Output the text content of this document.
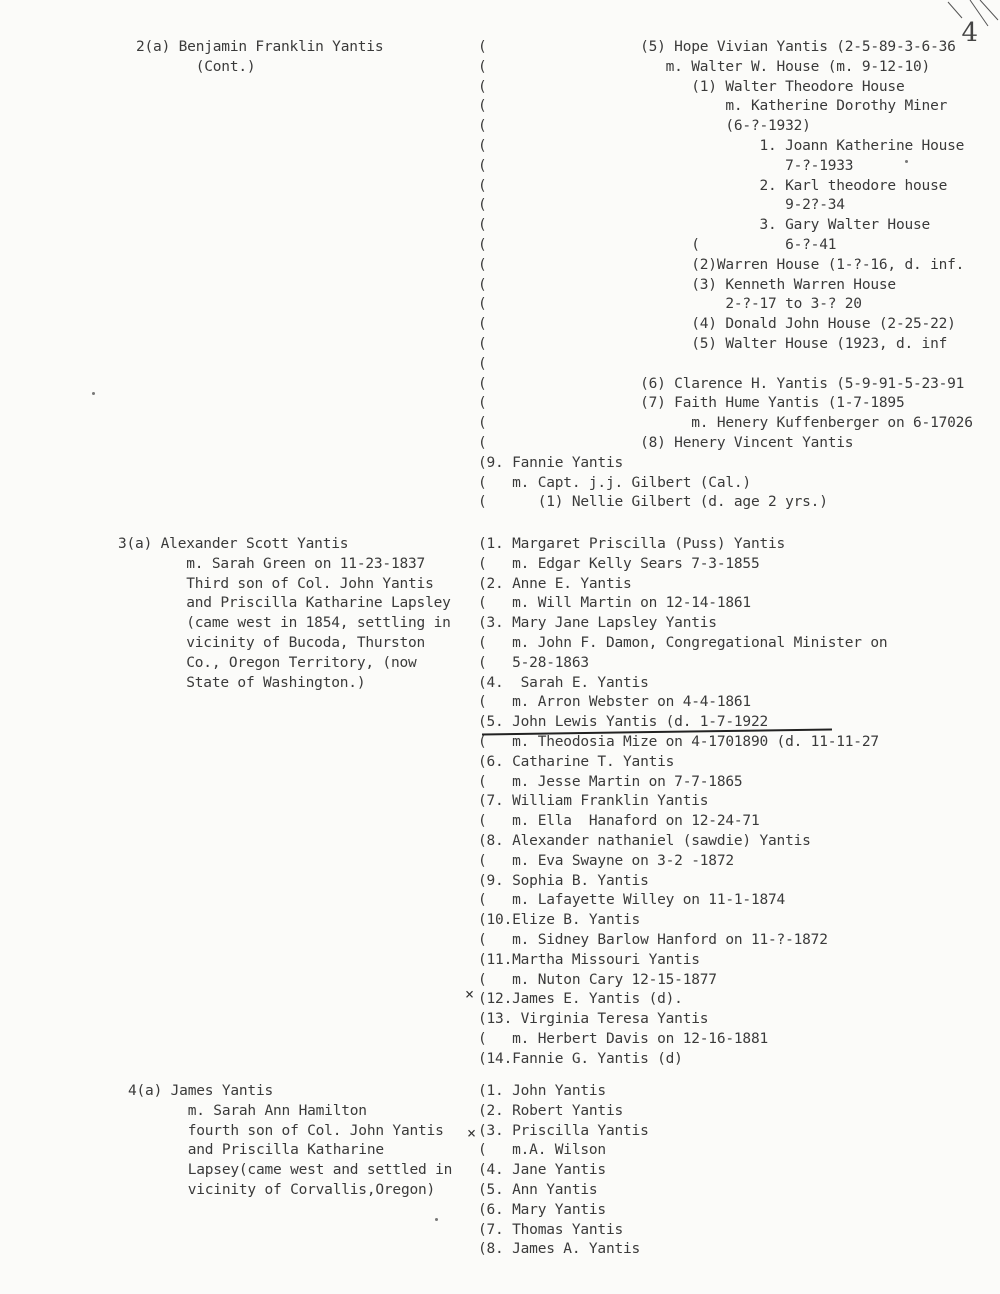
4
2(a) Benjamin Franklin Yantis
(Cont.)
(                  (5) Hope Vivian Yantis (2-5-89-3-6-36
(                     m. Walter W. House (m. 9-12-10)
(                        (1) Walter Theodore House
(                            m. Katherine Dorothy Miner
(                            (6-?-1932)
(                                1. Joann Katherine House
(                                   7-?-1933
(                                2. Karl theodore house
(                                   9-2?-34
(                                3. Gary Walter House
(                        (          6-?-41
(                        (2)Warren House (1-?-16, d. inf.
(                        (3) Kenneth Warren House
(                            2-?-17 to 3-? 20
(                        (4) Donald John House (2-25-22)
(                        (5) Walter House (1923, d. inf
(
(                  (6) Clarence H. Yantis (5-9-91-5-23-91
(                  (7) Faith Hume Yantis (1-7-1895
(                        m. Henery Kuffenberger on 6-17026
(                  (8) Henery Vincent Yantis
(9. Fannie Yantis
(   m. Capt. j.j. Gilbert (Cal.)
(      (1) Nellie Gilbert (d. age 2 yrs.)
3(a) Alexander Scott Yantis
m. Sarah Green on 11-23-1837
Third son of Col. John Yantis
and Priscilla Katharine Lapsley
(came west in 1854, settling in
vicinity of Bucoda, Thurston
Co., Oregon Territory, (now
State of Washington.)
(1. Margaret Priscilla (Puss) Yantis
(   m. Edgar Kelly Sears 7-3-1855
(2. Anne E. Yantis
(   m. Will Martin on 12-14-1861
(3. Mary Jane Lapsley Yantis
(   m. John F. Damon, Congregational Minister on
(   5-28-1863
(4.  Sarah E. Yantis
(   m. Arron Webster on 4-4-1861
(5. John Lewis Yantis (d. 1-7-1922
(   m. Theodosia Mize on 4-1701890 (d. 11-11-27
(6. Catharine T. Yantis
(   m. Jesse Martin on 7-7-1865
(7. William Franklin Yantis
(   m. Ella  Hanaford on 12-24-71
(8. Alexander nathaniel (sawdie) Yantis
(   m. Eva Swayne on 3-2 -1872
(9. Sophia B. Yantis
(   m. Lafayette Willey on 11-1-1874
(10.Elize B. Yantis
(   m. Sidney Barlow Hanford on 11-?-1872
(11.Martha Missouri Yantis
(   m. Nuton Cary 12-15-1877
(12.James E. Yantis (d).
(13. Virginia Teresa Yantis
(   m. Herbert Davis on 12-16-1881
(14.Fannie G. Yantis (d)
4(a) James Yantis
m. Sarah Ann Hamilton
fourth son of Col. John Yantis
and Priscilla Katharine
Lapsey(came west and settled in
vicinity of Corvallis,Oregon)
(1. John Yantis
(2. Robert Yantis
(3. Priscilla Yantis
(   m.A. Wilson
(4. Jane Yantis
(5. Ann Yantis
(6. Mary Yantis
(7. Thomas Yantis
(8. James A. Yantis
×
×
